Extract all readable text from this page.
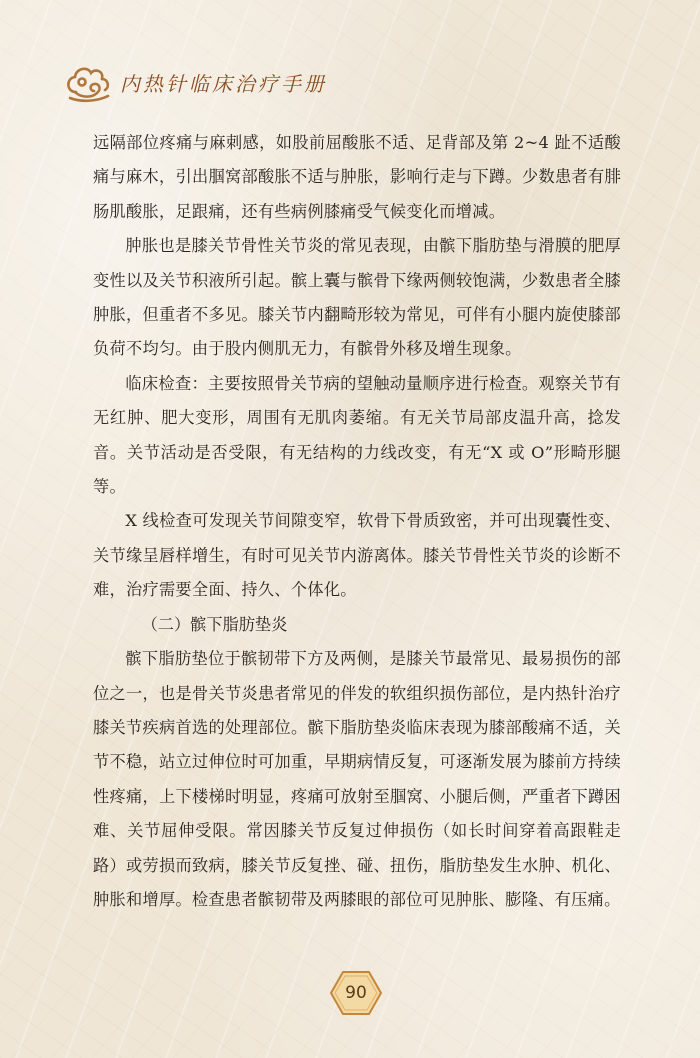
内热针临床治疗手册

远隔部位疼痛与麻刺感，如股前屈酸胀不适、足背部及第 2~4 趾不适酸痛与麻木，引出腘窝部酸胀不适与肿胀，影响行走与下蹲。少数患者有腓肠肌酸胀，足跟痛，还有些病例膝痛受气候变化而增减。

肿胀也是膝关节骨性关节炎的常见表现，由髌下脂肪垫与滑膜的肥厚变性以及关节积液所引起。髌上囊与髌骨下缘两侧较饱满，少数患者全膝肿胀，但重者不多见。膝关节内翻畸形较为常见，可伴有小腿内旋使膝部负荷不均匀。由于股内侧肌无力，有髌骨外移及增生现象。

临床检查：主要按照骨关节病的望触动量顺序进行检查。观察关节有无红肿、肥大变形，周围有无肌肉萎缩。有无关节局部皮温升高，捻发音。关节活动是否受限，有无结构的力线改变，有无“X 或 O”形畸形腿等。

X 线检查可发现关节间隙变窄，软骨下骨质致密，并可出现囊性变、关节缘呈唇样增生，有时可见关节内游离体。膝关节骨性关节炎的诊断不难，治疗需要全面、持久、个体化。

（二）髌下脂肪垫炎

髌下脂肪垫位于髌韧带下方及两侧，是膝关节最常见、最易损伤的部位之一，也是骨关节炎患者常见的伴发的软组织损伤部位，是内热针治疗膝关节疾病首选的处理部位。髌下脂肪垫炎临床表现为膝部酸痛不适，关节不稳，站立过伸位时可加重，早期病情反复，可逐渐发展为膝前方持续性疼痛，上下楼梯时明显，疼痛可放射至腘窝、小腿后侧，严重者下蹲困难、关节屈伸受限。常因膝关节反复过伸损伤（如长时间穿着高跟鞋走路）或劳损而致病，膝关节反复挫、碰、扭伤，脂肪垫发生水肿、机化、肿胀和增厚。检查患者髌韧带及两膝眼的部位可见肿胀、膨隆、有压痛。

90
